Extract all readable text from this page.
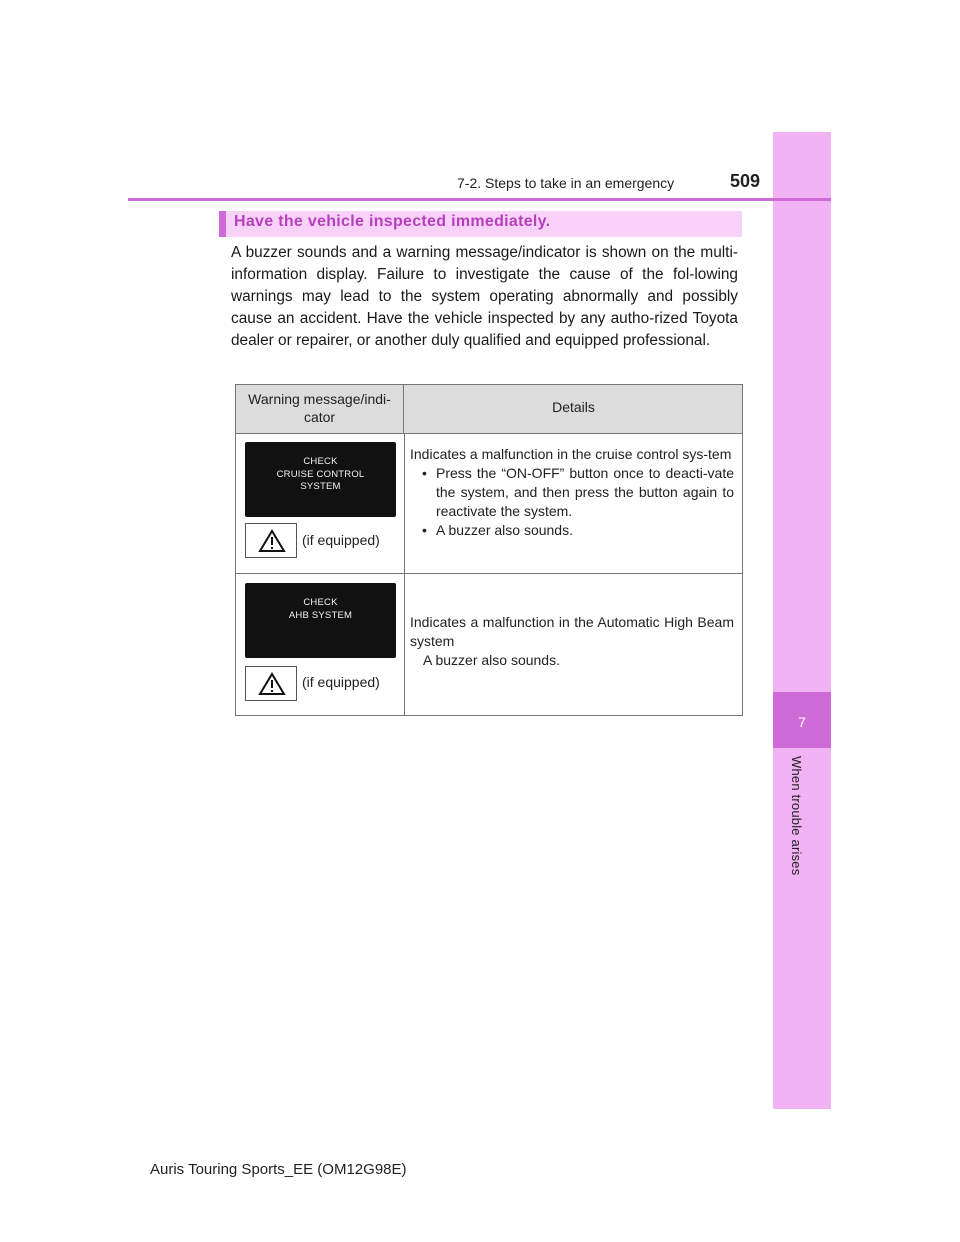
7
When trouble arises
7-2. Steps to take in an emergency	509
Have the vehicle inspected immediately.

A buzzer sounds and a warning message/indicator is shown on the multi-information display. Failure to investigate the cause of the fol-lowing warnings may lead to the system operating abnormally and possibly cause an accident. Have the vehicle inspected by any autho-rized Toyota dealer or repairer, or another duly qualified and equipped professional.

Warning message/indi-
cator
Details
CHECK
CRUISE CONTROL
SYSTEM
(if equipped)

Indicates a malfunction in the cruise control sys-tem

• Press the “ON-OFF” button once to deacti-vate the system, and then press the button again to reactivate the system.
• A buzzer also sounds.
CHECK
AHB SYSTEM
(if equipped)

Indicates a malfunction in the Automatic High Beam system

A buzzer also sounds.
Auris Touring Sports_EE (OM12G98E)
